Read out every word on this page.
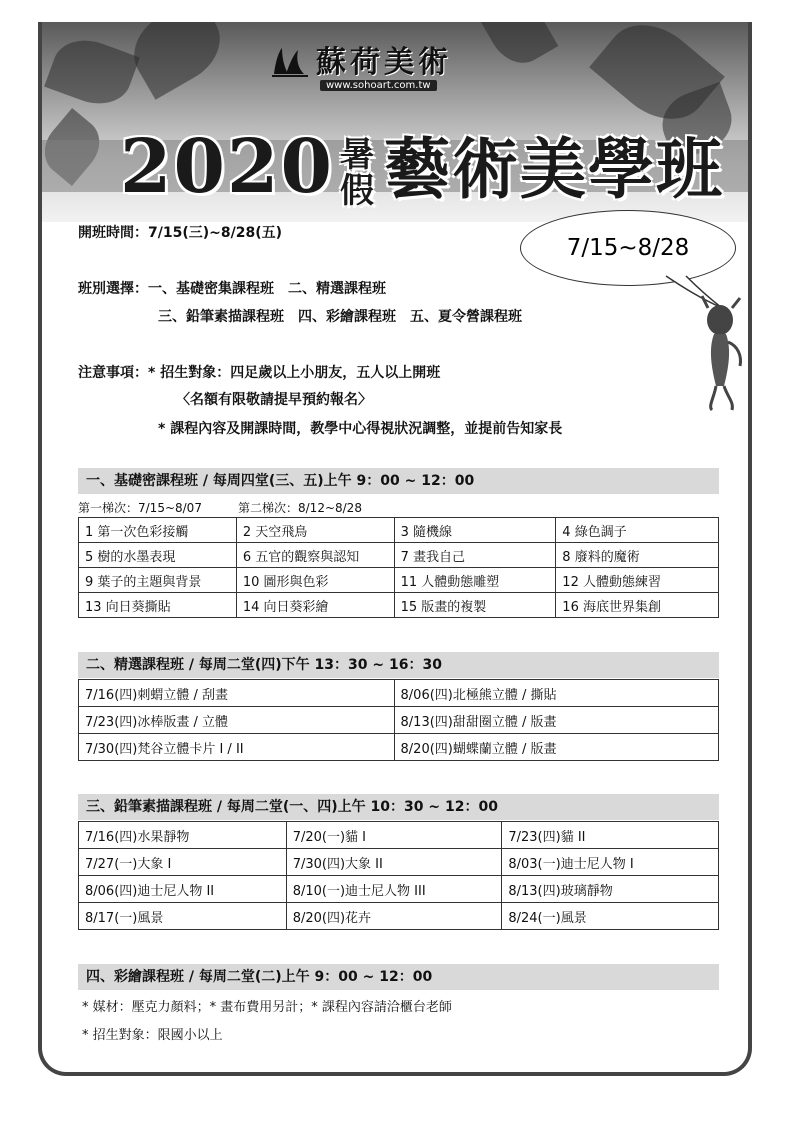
蘇荷美術
www.sohoart.com.tw
2020 暑
假 藝術美學班
7/15~8/28
開班時間：7/15(三)~8/28(五)
班別選擇：一、基礎密集課程班　二、精選課程班
三、鉛筆素描課程班　四、彩繪課程班　五、夏令營課程班
注意事項：* 招生對象：四足歲以上小朋友，五人以上開班
〈名額有限敬請提早預約報名〉
* 課程內容及開課時間，教學中心得視狀況調整，並提前告知家長
一、基礎密課程班 / 每周四堂(三、五)上午 9：00 ~ 12：00
第一梯次：7/15~8/07	第二梯次：8/12~8/28
1 第一次色彩接觸	2 天空飛鳥	3 隨機線	4 綠色調子
5 樹的水墨表現	6 五官的觀察與認知	7 畫我自己	8 廢料的魔術
9 葉子的主題與背景	10 圖形與色彩	11 人體動態雕塑	12 人體動態練習
13 向日葵撕貼	14 向日葵彩繪	15 版畫的複製	16 海底世界集創
二、精選課程班 / 每周二堂(四)下午 13：30 ~ 16：30
7/16(四)刺蝟立體 / 刮畫	8/06(四)北極熊立體 / 撕貼
7/23(四)冰棒版畫 / 立體	8/13(四)甜甜圈立體 / 版畫
7/30(四)梵谷立體卡片 I / II	8/20(四)蝴蝶蘭立體 / 版畫
三、鉛筆素描課程班 / 每周二堂(一、四)上午 10：30 ~ 12：00
7/16(四)水果靜物	7/20(一)貓 I	7/23(四)貓 II
7/27(一)大象 I	7/30(四)大象 II	8/03(一)迪士尼人物 I
8/06(四)迪士尼人物 II	8/10(一)迪士尼人物 III	8/13(四)玻璃靜物
8/17(一)風景	8/20(四)花卉	8/24(一)風景
四、彩繪課程班 / 每周二堂(二)上午 9：00 ~ 12：00
* 媒材：壓克力顏料；* 畫布費用另計；* 課程內容請洽櫃台老師
* 招生對象：限國小以上
